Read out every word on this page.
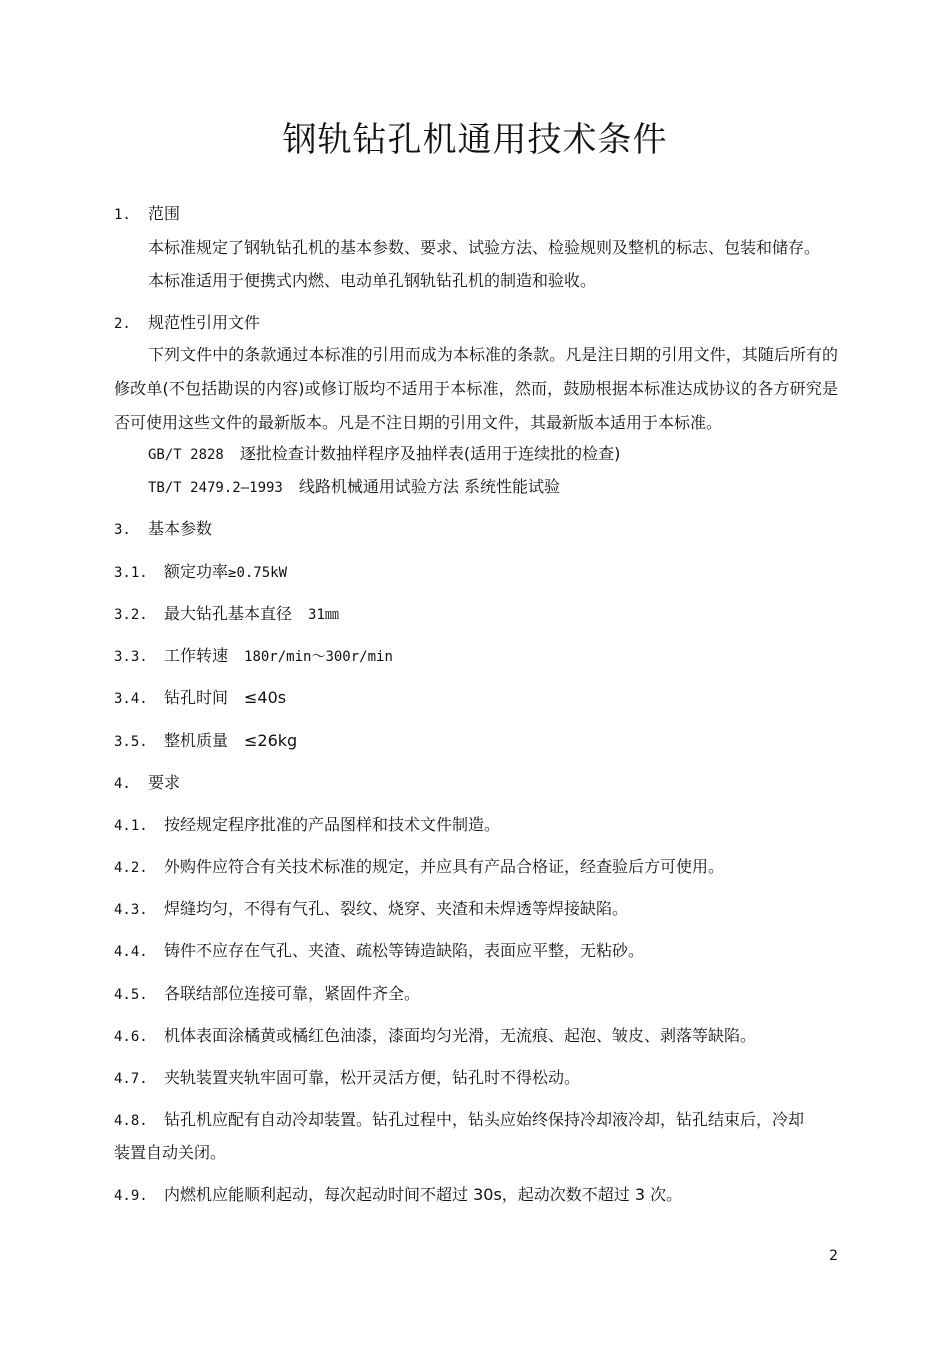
钢轨钻孔机通用技术条件
1. 范围
本标准规定了钢轨钻孔机的基本参数、要求、试验方法、检验规则及整机的标志、包装和储存。
本标准适用于便携式内燃、电动单孔钢轨钻孔机的制造和验收。
2. 规范性引用文件
下列文件中的条款通过本标准的引用而成为本标准的条款。凡是注日期的引用文件，其随后所有的修改单(不包括勘误的内容)或修订版均不适用于本标准，然而，鼓励根据本标准达成协议的各方研究是否可使用这些文件的最新版本。凡是不注日期的引用文件，其最新版本适用于本标准。
GB/T 2828 逐批检查计数抽样程序及抽样表(适用于连续批的检查)
TB/T 2479.2—1993 线路机械通用试验方法 系统性能试验
3. 基本参数
3.1. 额定功率≥0.75kW
3.2. 最大钻孔基本直径 31㎜
3.3. 工作转速 180r/min～300r/min
3.4. 钻孔时间 ≤40s
3.5. 整机质量 ≤26kg
4. 要求
4.1. 按经规定程序批准的产品图样和技术文件制造。
4.2. 外购件应符合有关技术标准的规定，并应具有产品合格证，经查验后方可使用。
4.3. 焊缝均匀，不得有气孔、裂纹、烧穿、夹渣和未焊透等焊接缺陷。
4.4. 铸件不应存在气孔、夹渣、疏松等铸造缺陷，表面应平整，无粘砂。
4.5. 各联结部位连接可靠，紧固件齐全。
4.6. 机体表面涂橘黄或橘红色油漆，漆面均匀光滑，无流痕、起泡、皱皮、剥落等缺陷。
4.7. 夹轨装置夹轨牢固可靠，松开灵活方便，钻孔时不得松动。
4.8. 钻孔机应配有自动冷却装置。钻孔过程中，钻头应始终保持冷却液冷却，钻孔结束后，冷却
装置自动关闭。
4.9. 内燃机应能顺利起动，每次起动时间不超过 30s，起动次数不超过 3 次。
2
